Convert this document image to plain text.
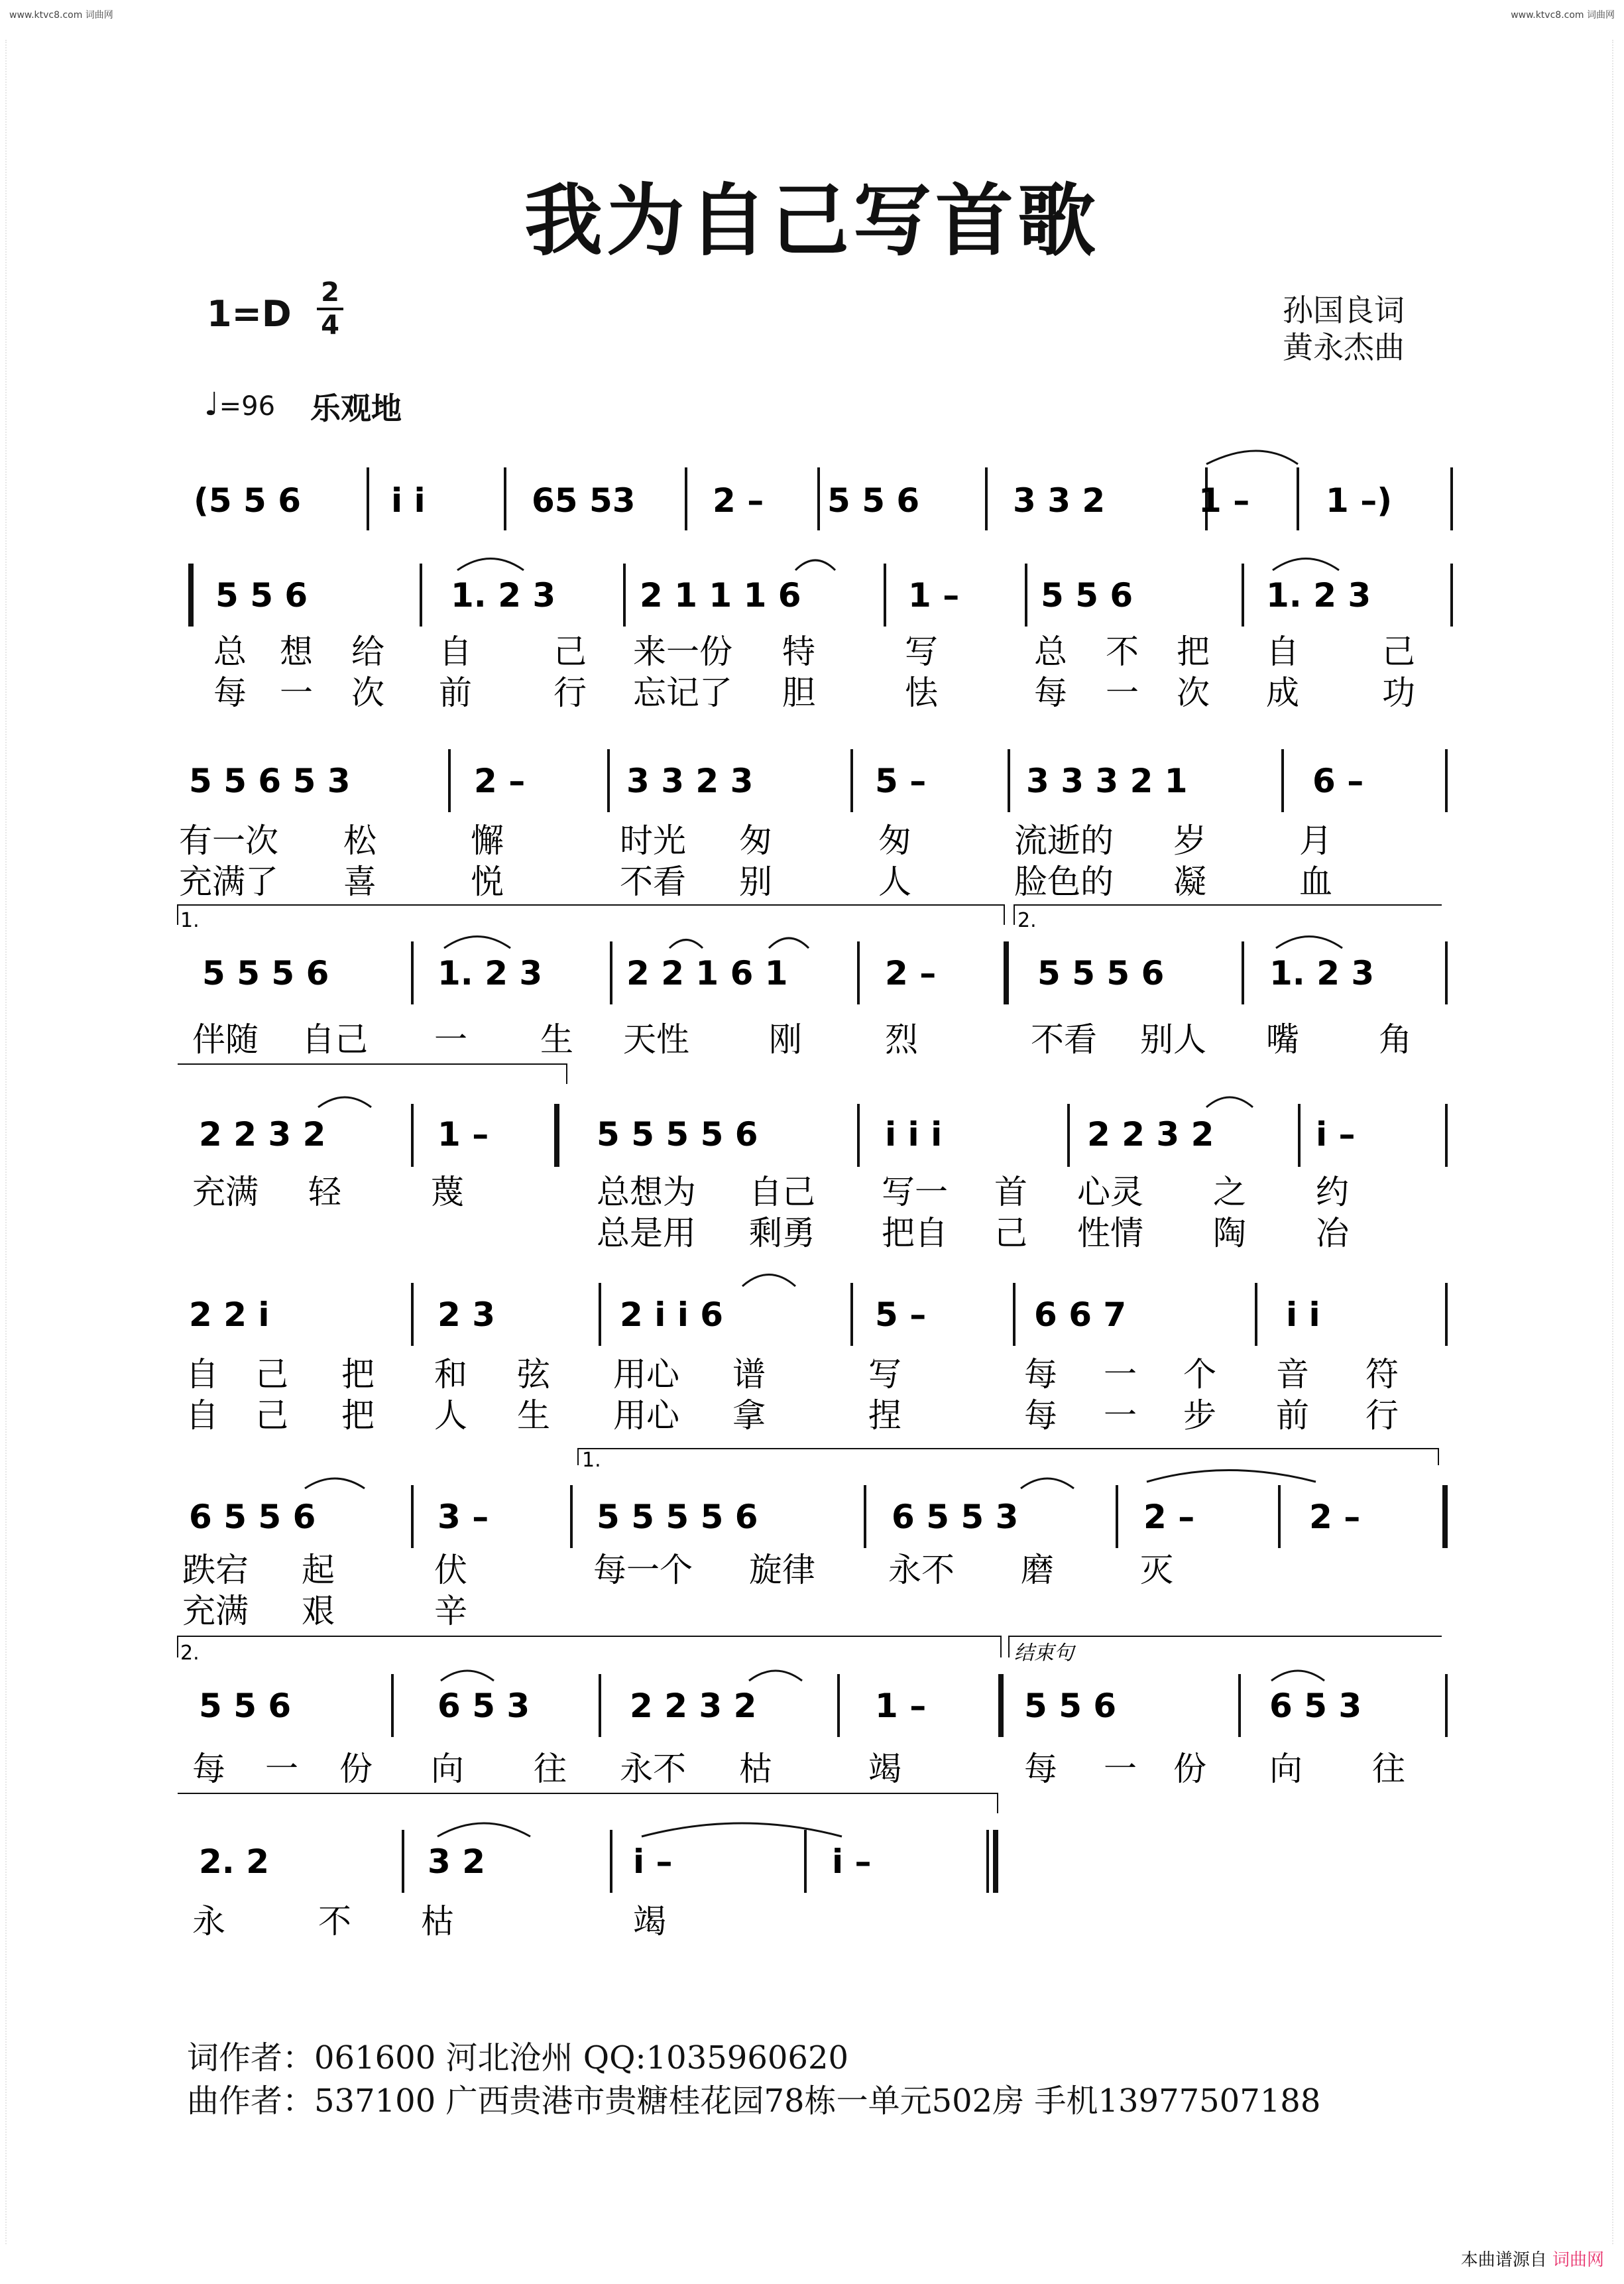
www.ktvc8.com 词曲网	www.ktvc8.com 词曲网
我为自己写首歌
1=D
2
4
♩=96 乐观地
孙国良词
黄永杰曲
(5 5 6	i i	65 53 2 – 5 5 6	3 3 2	1 – 1 –)
5 5 6	1. 2 3	2 1 1 1 6	1 – 5 5 6	1. 2 3
总 想 给 自 己 来一份 特	写	总 不 把 自	己
每 一 次 前 行 忘记了 胆	怯	每 一 次 成	功
5 5 6 5 3	2 –	3 3 2 3	5 –	3 3 3 2 1	6 –
有一次 松	懈	时光 匆	匆	流逝的 岁	月
充满了 喜	悦	不看 别	人	脸色的 凝	血
1.	2.
5 5 5 6	1. 2 3	2 2 1 6 1	2 –	5 5 5 6	1. 2 3
伴随 自己 一 生 天性 刚	烈	不看 别人 嘴 角
2 2 3 2	1 –	5 5 5 5 6	i i i	2 2 3 2	i –
充满 轻	蔑	总想为 自己 写一 首 心灵 之 约
总是用 剩勇 把自 己 性情 陶 冶
2 2 i	2 3	2 i i 6	5 –	6 6 7	i i
自 己 把 和 弦 用心 谱	写	每 一 个 音 符
自 己 把 人 生 用心 拿	捏	每 一 步 前 行
1.
6 5 5 6	3 –	5 5 5 5 6	6 5 5 3	2 –	2 –
跌宕 起	伏	每一个 旋律 永不 磨	灭
充满 艰	辛
2.	结束句
5 5 6	6 5 3	2 2 3 2	1 –	5 5 6	6 5 3
每 一 份 向 往 永不 枯	竭	每 一 份 向 往
2. 2	3 2	i –	i –
永	不 枯	竭
词作者：061600 河北沧州 QQ:1035960620
曲作者：537100 广西贵港市贵糖桂花园78栋一单元502房 手机13977507188
本曲谱源自 词曲网
